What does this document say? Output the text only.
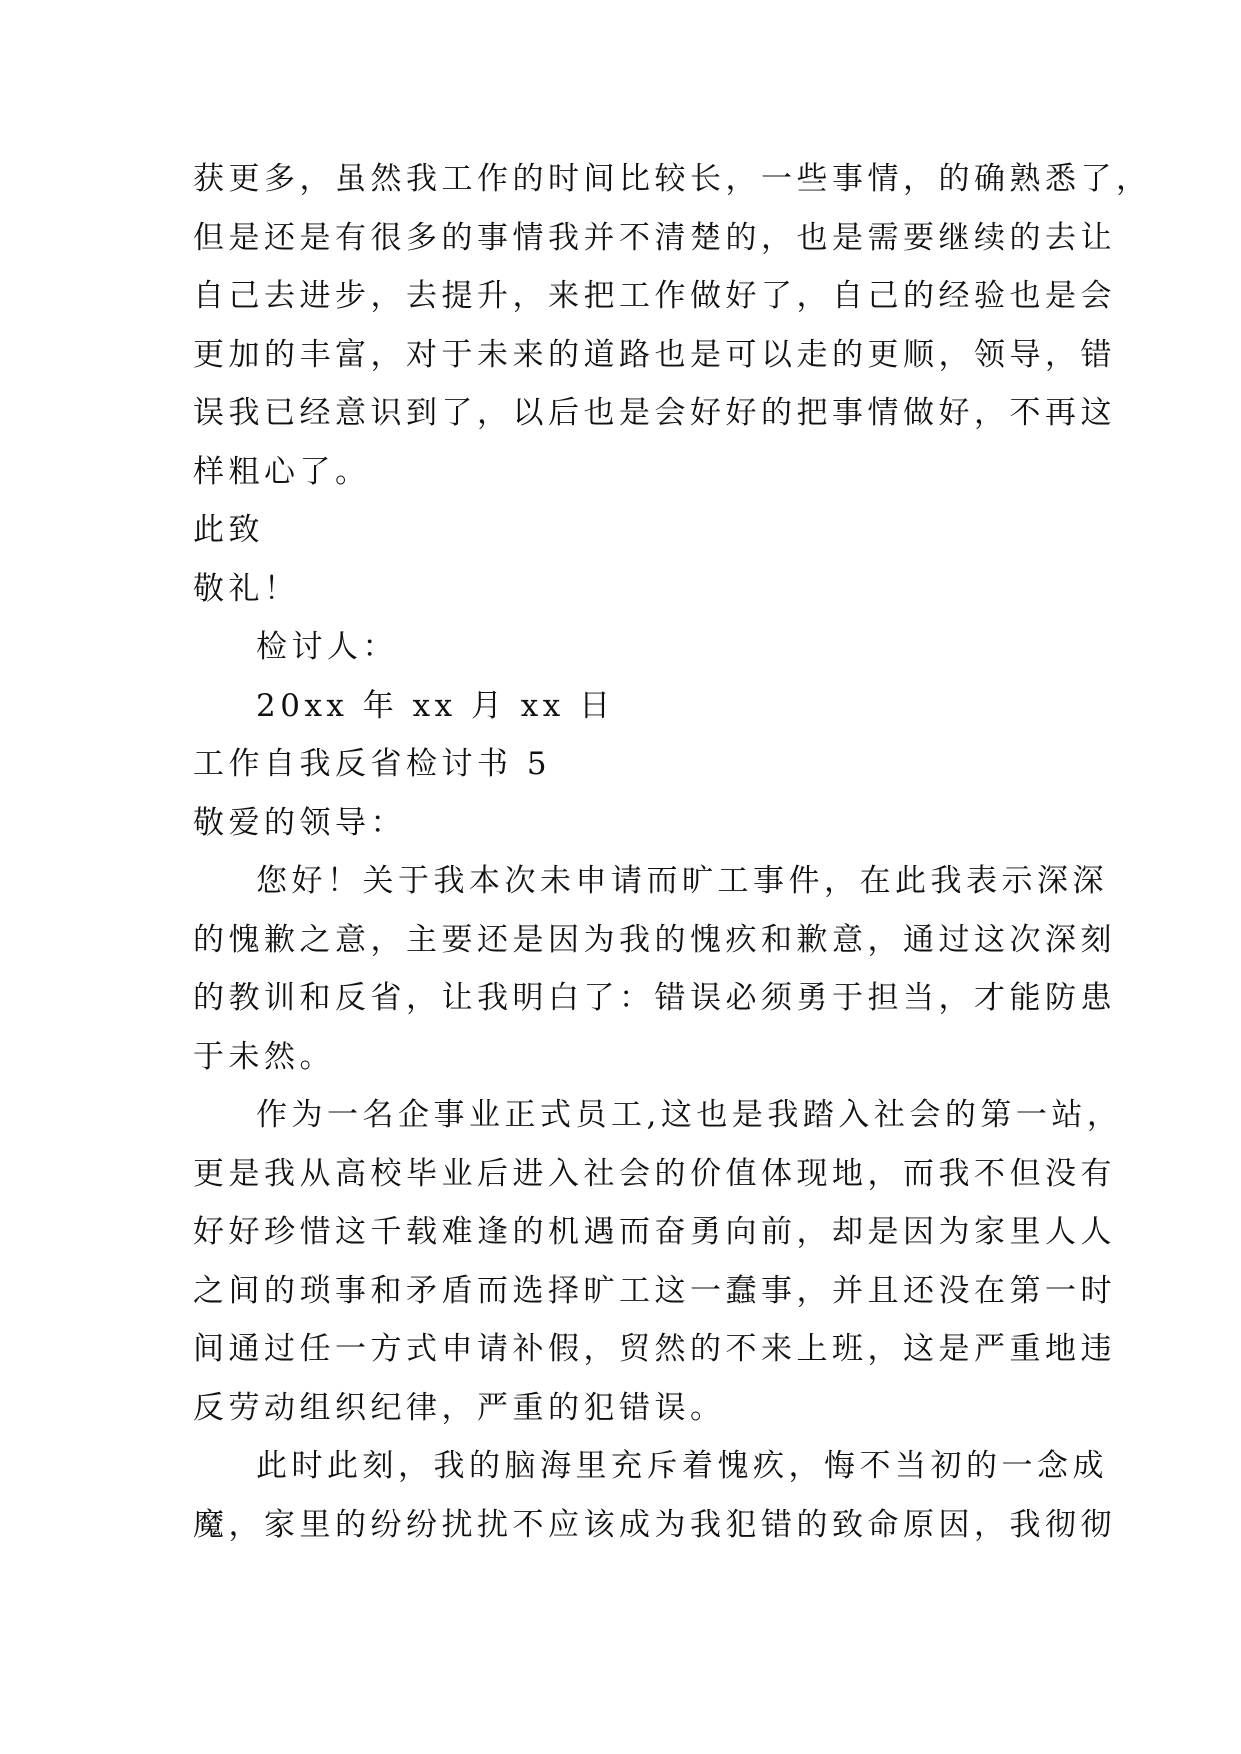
获更多，虽然我工作的时间比较长，一些事情，的确熟悉了，
但是还是有很多的事情我并不清楚的，也是需要继续的去让
自己去进步，去提升，来把工作做好了，自己的经验也是会
更加的丰富，对于未来的道路也是可以走的更顺，领导，错
误我已经意识到了，以后也是会好好的把事情做好，不再这
样粗心了。
此致
敬礼！
检讨人：
20xx 年 xx 月 xx 日
工作自我反省检讨书 5
敬爱的领导：
您好！关于我本次未申请而旷工事件，在此我表示深深
的愧歉之意，主要还是因为我的愧疚和歉意，通过这次深刻
的教训和反省，让我明白了：错误必须勇于担当，才能防患
于未然。
作为一名企事业正式员工,这也是我踏入社会的第一站，
更是我从高校毕业后进入社会的价值体现地，而我不但没有
好好珍惜这千载难逢的机遇而奋勇向前，却是因为家里人人
之间的琐事和矛盾而选择旷工这一蠢事，并且还没在第一时
间通过任一方式申请补假，贸然的不来上班，这是严重地违
反劳动组织纪律，严重的犯错误。
此时此刻，我的脑海里充斥着愧疚，悔不当初的一念成
魔，家里的纷纷扰扰不应该成为我犯错的致命原因，我彻彻
